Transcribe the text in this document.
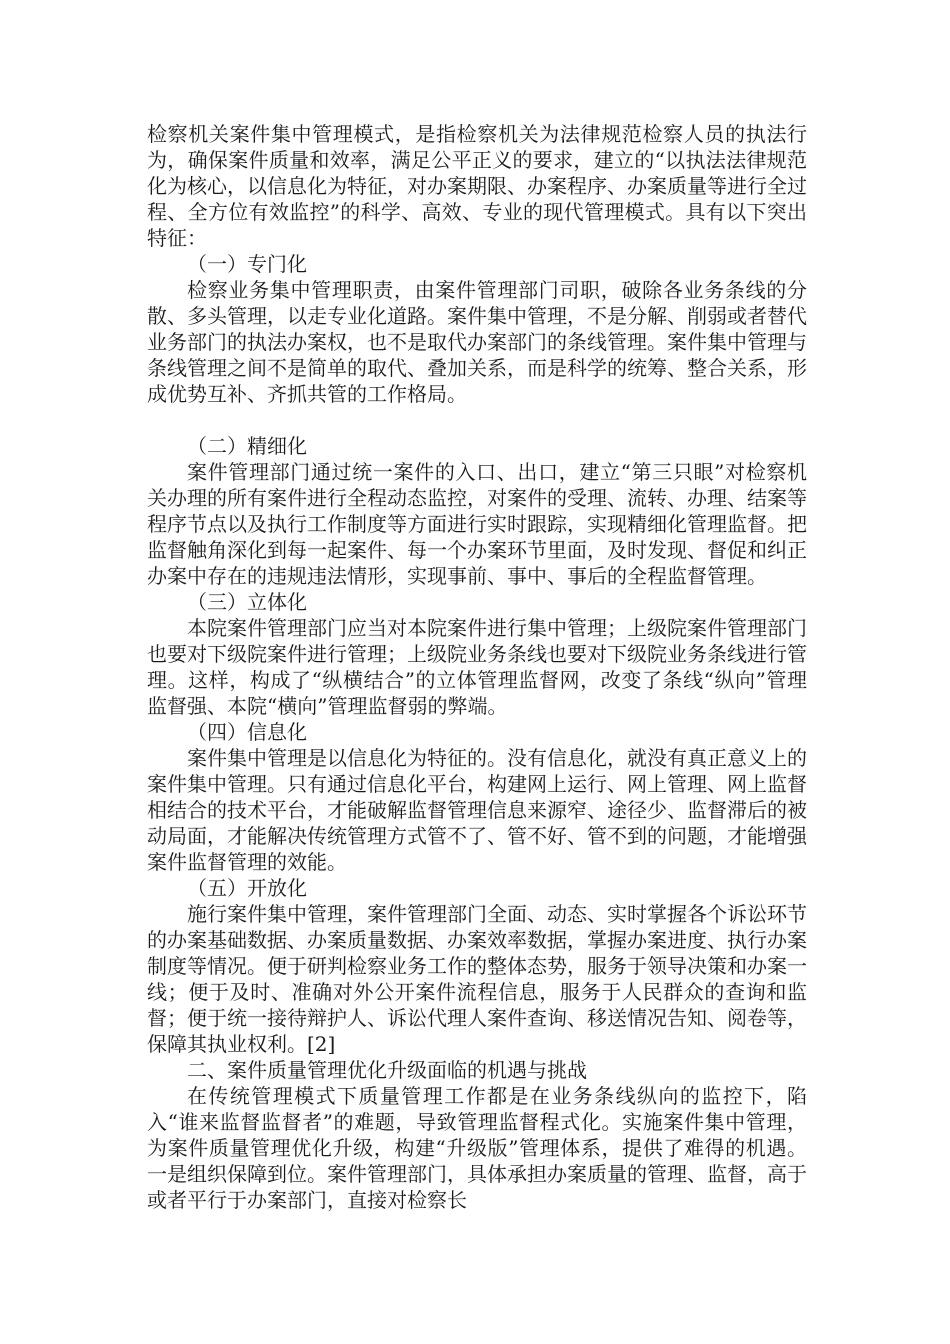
检察机关案件集中管理模式，是指检察机关为法律规范检察人员的执法行为，确保案件质量和效率，满足公平正义的要求，建立的“以执法法律规范化为核心，以信息化为特征，对办案期限、办案程序、办案质量等进行全过程、全方位有效监控”的科学、高效、专业的现代管理模式。具有以下突出特征：

（一）专门化

检察业务集中管理职责，由案件管理部门司职，破除各业务条线的分散、多头管理，以走专业化道路。案件集中管理，不是分解、削弱或者替代业务部门的执法办案权，也不是取代办案部门的条线管理。案件集中管理与条线管理之间不是简单的取代、叠加关系，而是科学的统筹、整合关系，形成优势互补、齐抓共管的工作格局。

（二）精细化

案件管理部门通过统一案件的入口、出口，建立“第三只眼”对检察机关办理的所有案件进行全程动态监控，对案件的受理、流转、办理、结案等程序节点以及执行工作制度等方面进行实时跟踪，实现精细化管理监督。把监督触角深化到每一起案件、每一个办案环节里面，及时发现、督促和纠正办案中存在的违规违法情形，实现事前、事中、事后的全程监督管理。

（三）立体化

本院案件管理部门应当对本院案件进行集中管理；上级院案件管理部门也要对下级院案件进行管理；上级院业务条线也要对下级院业务条线进行管理。这样，构成了“纵横结合”的立体管理监督网，改变了条线“纵向”管理监督强、本院“横向”管理监督弱的弊端。

（四）信息化

案件集中管理是以信息化为特征的。没有信息化，就没有真正意义上的案件集中管理。只有通过信息化平台，构建网上运行、网上管理、网上监督相结合的技术平台，才能破解监督管理信息来源窄、途径少、监督滞后的被动局面，才能解决传统管理方式管不了、管不好、管不到的问题，才能增强案件监督管理的效能。

（五）开放化

施行案件集中管理，案件管理部门全面、动态、实时掌握各个诉讼环节的办案基础数据、办案质量数据、办案效率数据，掌握办案进度、执行办案制度等情况。便于研判检察业务工作的整体态势，服务于领导决策和办案一线；便于及时、准确对外公开案件流程信息，服务于人民群众的查询和监督；便于统一接待辩护人、诉讼代理人案件查询、移送情况告知、阅卷等，保障其执业权利。[2]

二、案件质量管理优化升级面临的机遇与挑战

在传统管理模式下质量管理工作都是在业务条线纵向的监控下，陷入“谁来监督监督者”的难题，导致管理监督程式化。实施案件集中管理，为案件质量管理优化升级，构建“升级版”管理体系，提供了难得的机遇。一是组织保障到位。案件管理部门，具体承担办案质量的管理、监督，高于或者平行于办案部门，直接对检察长
